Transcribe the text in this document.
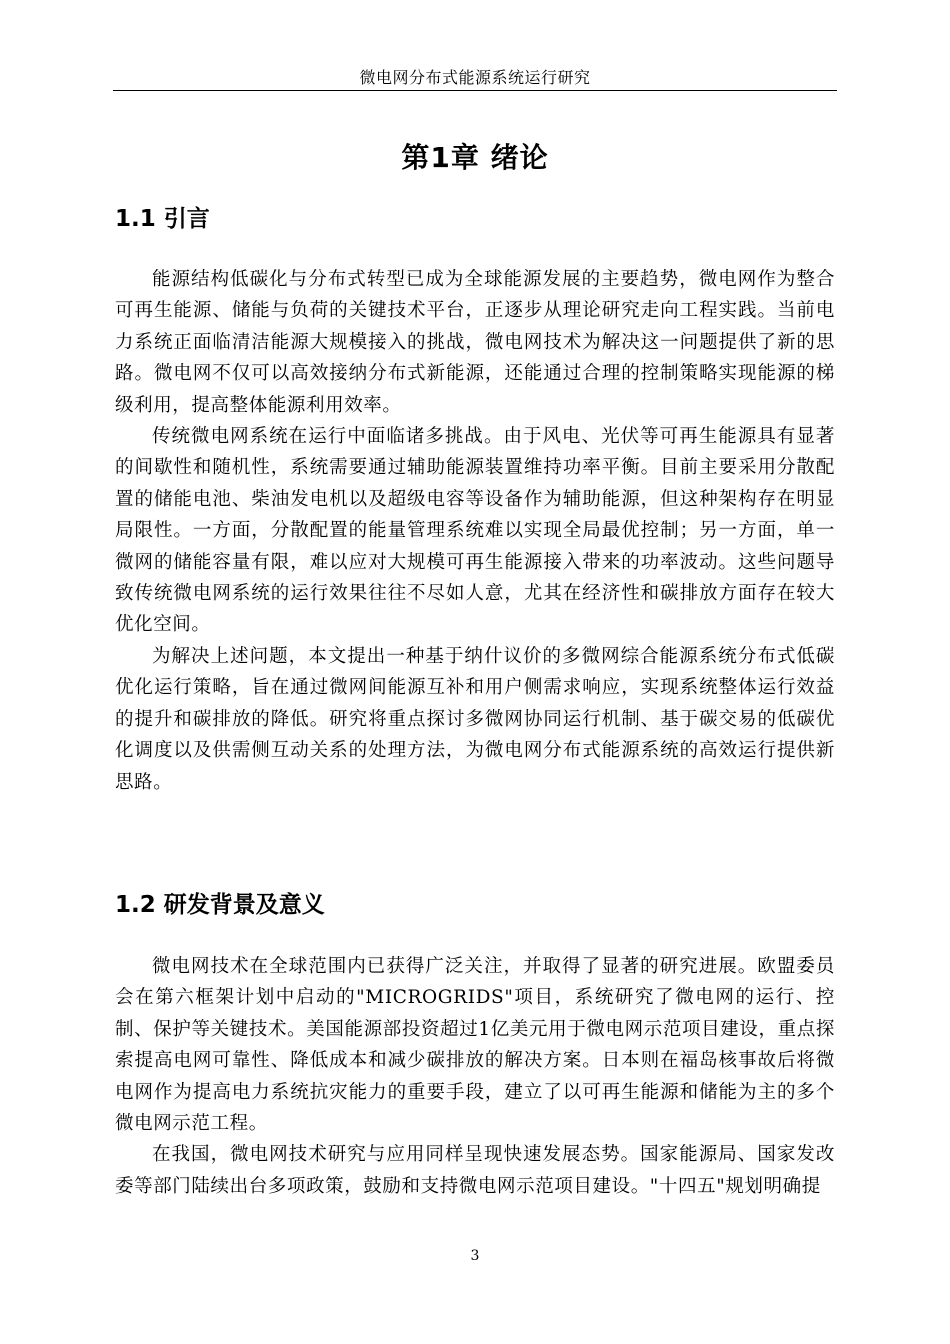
微电网分布式能源系统运行研究
第1章 绪论
1.1 引言

能源结构低碳化与分布式转型已成为全球能源发展的主要趋势，微电网作为整合可再生能源、储能与负荷的关键技术平台，正逐步从理论研究走向工程实践。当前电力系统正面临清洁能源大规模接入的挑战，微电网技术为解决这一问题提供了新的思路。微电网不仅可以高效接纳分布式新能源，还能通过合理的控制策略实现能源的梯级利用，提高整体能源利用效率。

传统微电网系统在运行中面临诸多挑战。由于风电、光伏等可再生能源具有显著的间歇性和随机性，系统需要通过辅助能源装置维持功率平衡。目前主要采用分散配置的储能电池、柴油发电机以及超级电容等设备作为辅助能源，但这种架构存在明显局限性。一方面，分散配置的能量管理系统难以实现全局最优控制；另一方面，单一微网的储能容量有限，难以应对大规模可再生能源接入带来的功率波动。这些问题导致传统微电网系统的运行效果往往不尽如人意，尤其在经济性和碳排放方面存在较大优化空间。

为解决上述问题，本文提出一种基于纳什议价的多微网综合能源系统分布式低碳优化运行策略，旨在通过微网间能源互补和用户侧需求响应，实现系统整体运行效益的提升和碳排放的降低。研究将重点探讨多微网协同运行机制、基于碳交易的低碳优化调度以及供需侧互动关系的处理方法，为微电网分布式能源系统的高效运行提供新思路。

1.2 研发背景及意义

微电网技术在全球范围内已获得广泛关注，并取得了显著的研究进展。欧盟委员会在第六框架计划中启动的"MICROGRIDS"项目，系统研究了微电网的运行、控制、保护等关键技术。美国能源部投资超过1亿美元用于微电网示范项目建设，重点探索提高电网可靠性、降低成本和减少碳排放的解决方案。日本则在福岛核事故后将微电网作为提高电力系统抗灾能力的重要手段，建立了以可再生能源和储能为主的多个微电网示范工程。

在我国，微电网技术研究与应用同样呈现快速发展态势。国家能源局、国家发改委等部门陆续出台多项政策，鼓励和支持微电网示范项目建设。"十四五"规划明确提

3
